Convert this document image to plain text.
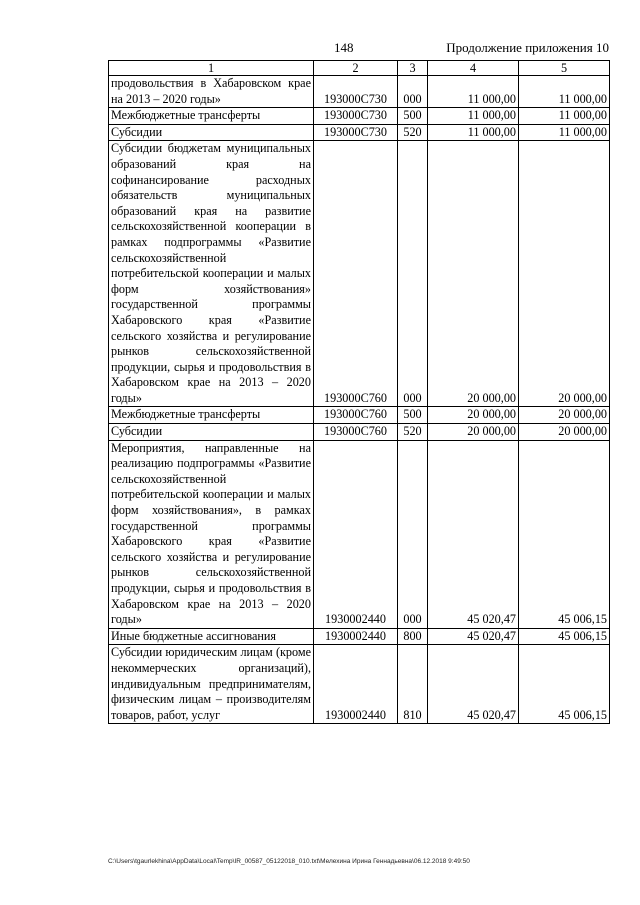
148	Продолжение приложения 10
1	2	3	4	5
продовольствия в Хабаровском крае на 2013 – 2020 годы»	193000С730	000	11 000,00	11 000,00
Межбюджетные трансферты	193000С730	500	11 000,00	11 000,00
Субсидии	193000С730	520	11 000,00	11 000,00
Субсидии бюджетам муниципальных образований края на софинансирование расходных обязательств муниципальных образований края на развитие сельскохозяйственной кооперации в рамках подпрограммы «Развитие сельскохозяйственной потребительской кооперации и малых форм хозяйствования» государственной программы Хабаровского края «Развитие сельского хозяйства и регулирование рынков сельскохозяйственной продукции, сырья и продовольствия в Хабаровском крае на 2013 – 2020 годы»	193000С760	000	20 000,00	20 000,00
Межбюджетные трансферты	193000С760	500	20 000,00	20 000,00
Субсидии	193000С760	520	20 000,00	20 000,00
Мероприятия, направленные на реализацию подпрограммы «Развитие сельскохозяйственной потребительской кооперации и малых форм хозяйствования», в рамках государственной программы Хабаровского края «Развитие сельского хозяйства и регулирование рынков сельскохозяйственной продукции, сырья и продовольствия в Хабаровском крае на 2013 – 2020 годы»	1930002440	000	45 020,47	45 006,15
Иные бюджетные ассигнования	1930002440	800	45 020,47	45 006,15
Субсидии юридическим лицам (кроме некоммерческих организаций), индивидуальным предпринимателям, физическим лицам – производителям товаров, работ, услуг	1930002440	810	45 020,47	45 006,15
C:\Users\tgaurlekhina\AppData\Local\Temp\IR_00587_05122018_010.txt\Мелехина Ирина Геннадьевна\06.12.2018 9:49:50
